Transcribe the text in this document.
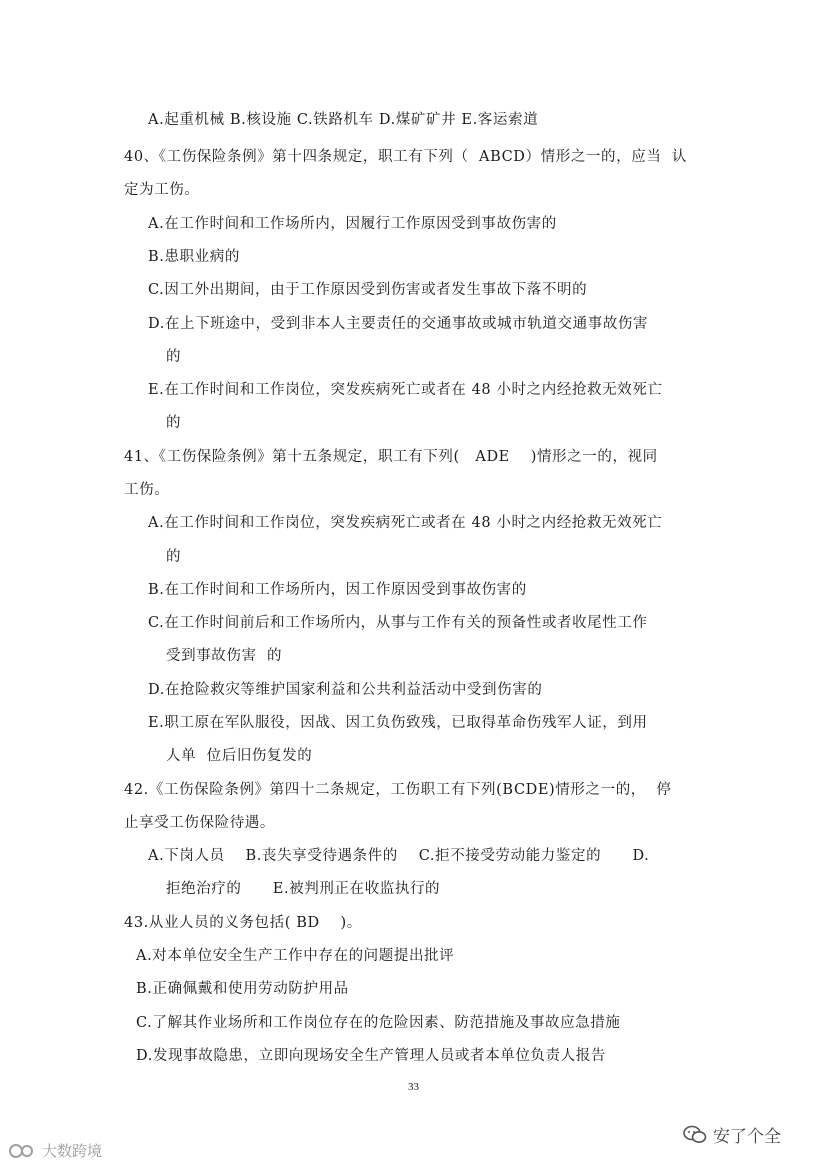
A.起重机械 B.核设施 C.铁路机车 D.煤矿矿井 E.客运索道
40、《工伤保险条例》第十四条规定，职工有下列（  ABCD）情形之一的，应当  认
定为工伤。
A.在工作时间和工作场所内，因履行工作原因受到事故伤害的
B.患职业病的
C.因工外出期间，由于工作原因受到伤害或者发生事故下落不明的
D.在上下班途中，受到非本人主要责任的交通事故或城市轨道交通事故伤害
的
E.在工作时间和工作岗位，突发疾病死亡或者在 48 小时之内经抢救无效死亡
的
41、《工伤保险条例》第十五条规定，职工有下列(   ADE    )情形之一的，视同
工伤。
A.在工作时间和工作岗位，突发疾病死亡或者在 48 小时之内经抢救无效死亡
的
B.在工作时间和工作场所内，因工作原因受到事故伤害的
C.在工作时间前后和工作场所内，从事与工作有关的预备性或者收尾性工作
受到事故伤害  的
D.在抢险救灾等维护国家利益和公共利益活动中受到伤害的
E.职工原在军队服役，因战、因工负伤致残，已取得革命伤残军人证，到用
人单  位后旧伤复发的
42.《工伤保险条例》第四十二条规定，工伤职工有下列(BCDE)情形之一的，  停
止享受工伤保险待遇。
A.下岗人员    B.丧失享受待遇条件的    C.拒不接受劳动能力鉴定的      D.
拒绝治疗的      E.被判刑正在收监执行的
43.从业人员的义务包括( BD    )。
A.对本单位安全生产工作中存在的问题提出批评
B.正确佩戴和使用劳动防护用品
C.了解其作业场所和工作岗位存在的危险因素、防范措施及事故应急措施
D.发现事故隐患，立即向现场安全生产管理人员或者本单位负责人报告
33
大数跨境
安了个全
